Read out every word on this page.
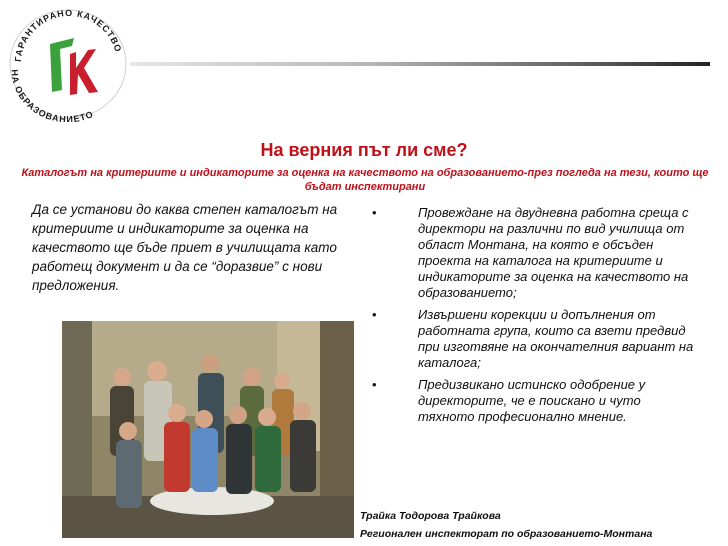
ГАРАНТИРАНО КАЧЕСТВО
НА ОБРАЗОВАНИЕТО
На верния път ли сме?
Каталогът на критериите и индикаторите за оценка на качеството на образованието-през погледа на тези, които ще бъдат инспектирани
Да се установи до каква степен каталогът на критериите и индикаторите за оценка на качеството ще бъде приет в училищата като работещ документ и да се “доразвие” с нови предложения.
•	Провеждане на двудневна работна среща с директори на различни по вид училища от област Монтана, на която е обсъден проекта на каталога на критериите и индикаторите за оценка на качеството на образованието;
•	Извършени корекции и допълнения от работната група, които са взети предвид при изготвяне на окончателния вариант на каталога;
•	Предизвикано истинско одобрение у директорите, че е поискано и чуто тяхното професионално мнение.
Трайка Тодорова Трайкова
Регионален инспекторат по образованието-Монтана
